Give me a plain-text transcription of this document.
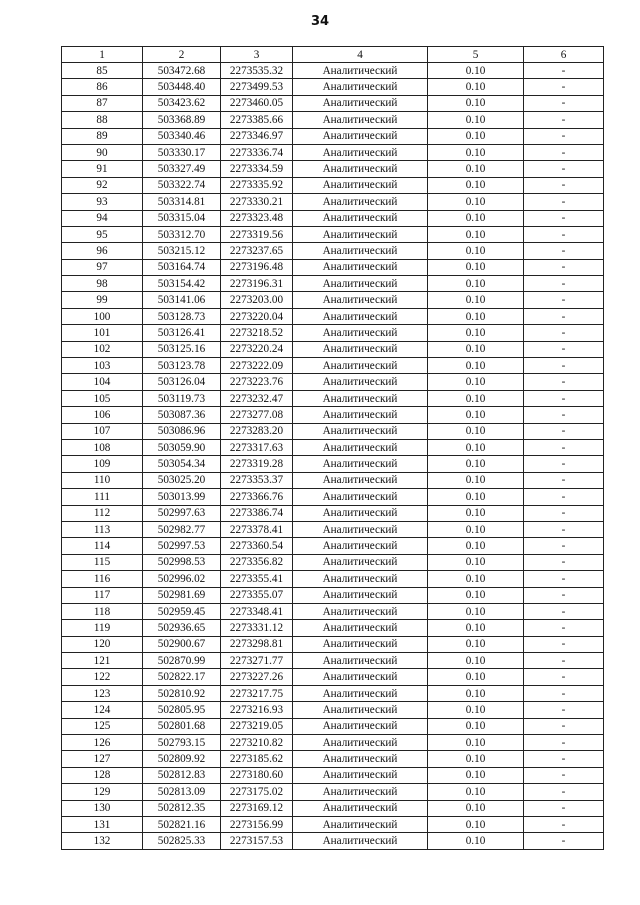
34
1	2	3	4	5	6
85	503472.68	2273535.32	Аналитический	0.10	-
86	503448.40	2273499.53	Аналитический	0.10	-
87	503423.62	2273460.05	Аналитический	0.10	-
88	503368.89	2273385.66	Аналитический	0.10	-
89	503340.46	2273346.97	Аналитический	0.10	-
90	503330.17	2273336.74	Аналитический	0.10	-
91	503327.49	2273334.59	Аналитический	0.10	-
92	503322.74	2273335.92	Аналитический	0.10	-
93	503314.81	2273330.21	Аналитический	0.10	-
94	503315.04	2273323.48	Аналитический	0.10	-
95	503312.70	2273319.56	Аналитический	0.10	-
96	503215.12	2273237.65	Аналитический	0.10	-
97	503164.74	2273196.48	Аналитический	0.10	-
98	503154.42	2273196.31	Аналитический	0.10	-
99	503141.06	2273203.00	Аналитический	0.10	-
100	503128.73	2273220.04	Аналитический	0.10	-
101	503126.41	2273218.52	Аналитический	0.10	-
102	503125.16	2273220.24	Аналитический	0.10	-
103	503123.78	2273222.09	Аналитический	0.10	-
104	503126.04	2273223.76	Аналитический	0.10	-
105	503119.73	2273232.47	Аналитический	0.10	-
106	503087.36	2273277.08	Аналитический	0.10	-
107	503086.96	2273283.20	Аналитический	0.10	-
108	503059.90	2273317.63	Аналитический	0.10	-
109	503054.34	2273319.28	Аналитический	0.10	-
110	503025.20	2273353.37	Аналитический	0.10	-
111	503013.99	2273366.76	Аналитический	0.10	-
112	502997.63	2273386.74	Аналитический	0.10	-
113	502982.77	2273378.41	Аналитический	0.10	-
114	502997.53	2273360.54	Аналитический	0.10	-
115	502998.53	2273356.82	Аналитический	0.10	-
116	502996.02	2273355.41	Аналитический	0.10	-
117	502981.69	2273355.07	Аналитический	0.10	-
118	502959.45	2273348.41	Аналитический	0.10	-
119	502936.65	2273331.12	Аналитический	0.10	-
120	502900.67	2273298.81	Аналитический	0.10	-
121	502870.99	2273271.77	Аналитический	0.10	-
122	502822.17	2273227.26	Аналитический	0.10	-
123	502810.92	2273217.75	Аналитический	0.10	-
124	502805.95	2273216.93	Аналитический	0.10	-
125	502801.68	2273219.05	Аналитический	0.10	-
126	502793.15	2273210.82	Аналитический	0.10	-
127	502809.92	2273185.62	Аналитический	0.10	-
128	502812.83	2273180.60	Аналитический	0.10	-
129	502813.09	2273175.02	Аналитический	0.10	-
130	502812.35	2273169.12	Аналитический	0.10	-
131	502821.16	2273156.99	Аналитический	0.10	-
132	502825.33	2273157.53	Аналитический	0.10	-
